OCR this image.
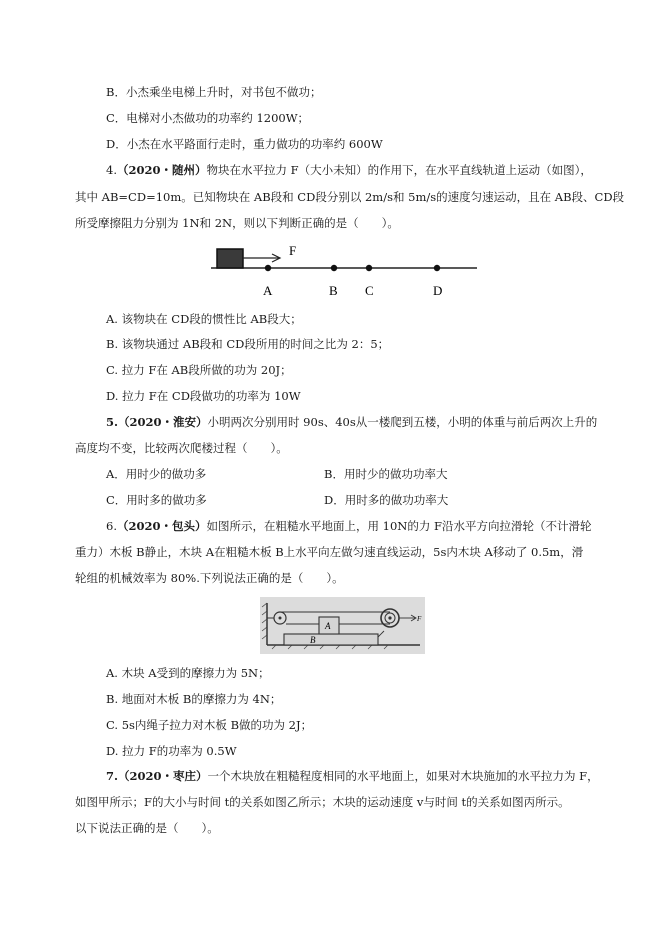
B．小杰乘坐电梯上升时，对书包不做功；
C．电梯对小杰做功的功率约 1200W；
D．小杰在水平路面行走时，重力做功的功率约 600W
4.（2020・随州）物块在水平拉力 F（大小未知）的作用下，在水平直线轨道上运动（如图），
其中 AB=CD=10m。已知物块在 AB段和 CD段分别以 2m/s和 5m/s的速度匀速运动，且在 AB段、CD段
所受摩擦阻力分别为 1N和 2N，则以下判断正确的是（　　）。
F
A	B C	D
A. 该物块在 CD段的惯性比 AB段大；
B. 该物块通过 AB段和 CD段所用的时间之比为 2：5；
C. 拉力 F在 AB段所做的功为 20J；
D. 拉力 F在 CD段做功的功率为 10W
5.（2020・淮安）小明两次分别用时 90s、40s从一楼爬到五楼，小明的体重与前后两次上升的
高度均不变，比较两次爬楼过程（　　）。
A．用时少的做功多	B．用时少的做功功率大
C．用时多的做功多	D．用时多的做功功率大
6.（2020・包头）如图所示，在粗糙水平地面上，用 10N的力 F沿水平方向拉滑轮（不计滑轮
重力）木板 B静止，木块 A在粗糙木板 B上水平向左做匀速直线运动，5s内木块 A移动了 0.5m，滑
轮组的机械效率为 80%.下列说法正确的是（　　）。
B
A
F
A. 木块 A受到的摩擦力为 5N；
B. 地面对木板 B的摩擦力为 4N；
C. 5s内绳子拉力对木板 B做的功为 2J；
D. 拉力 F的功率为 0.5W
7.（2020・枣庄）一个木块放在粗糙程度相同的水平地面上，如果对木块施加的水平拉力为 F，
如图甲所示；F的大小与时间 t的关系如图乙所示；木块的运动速度 v与时间 t的关系如图丙所示。
以下说法正确的是（　　）。
